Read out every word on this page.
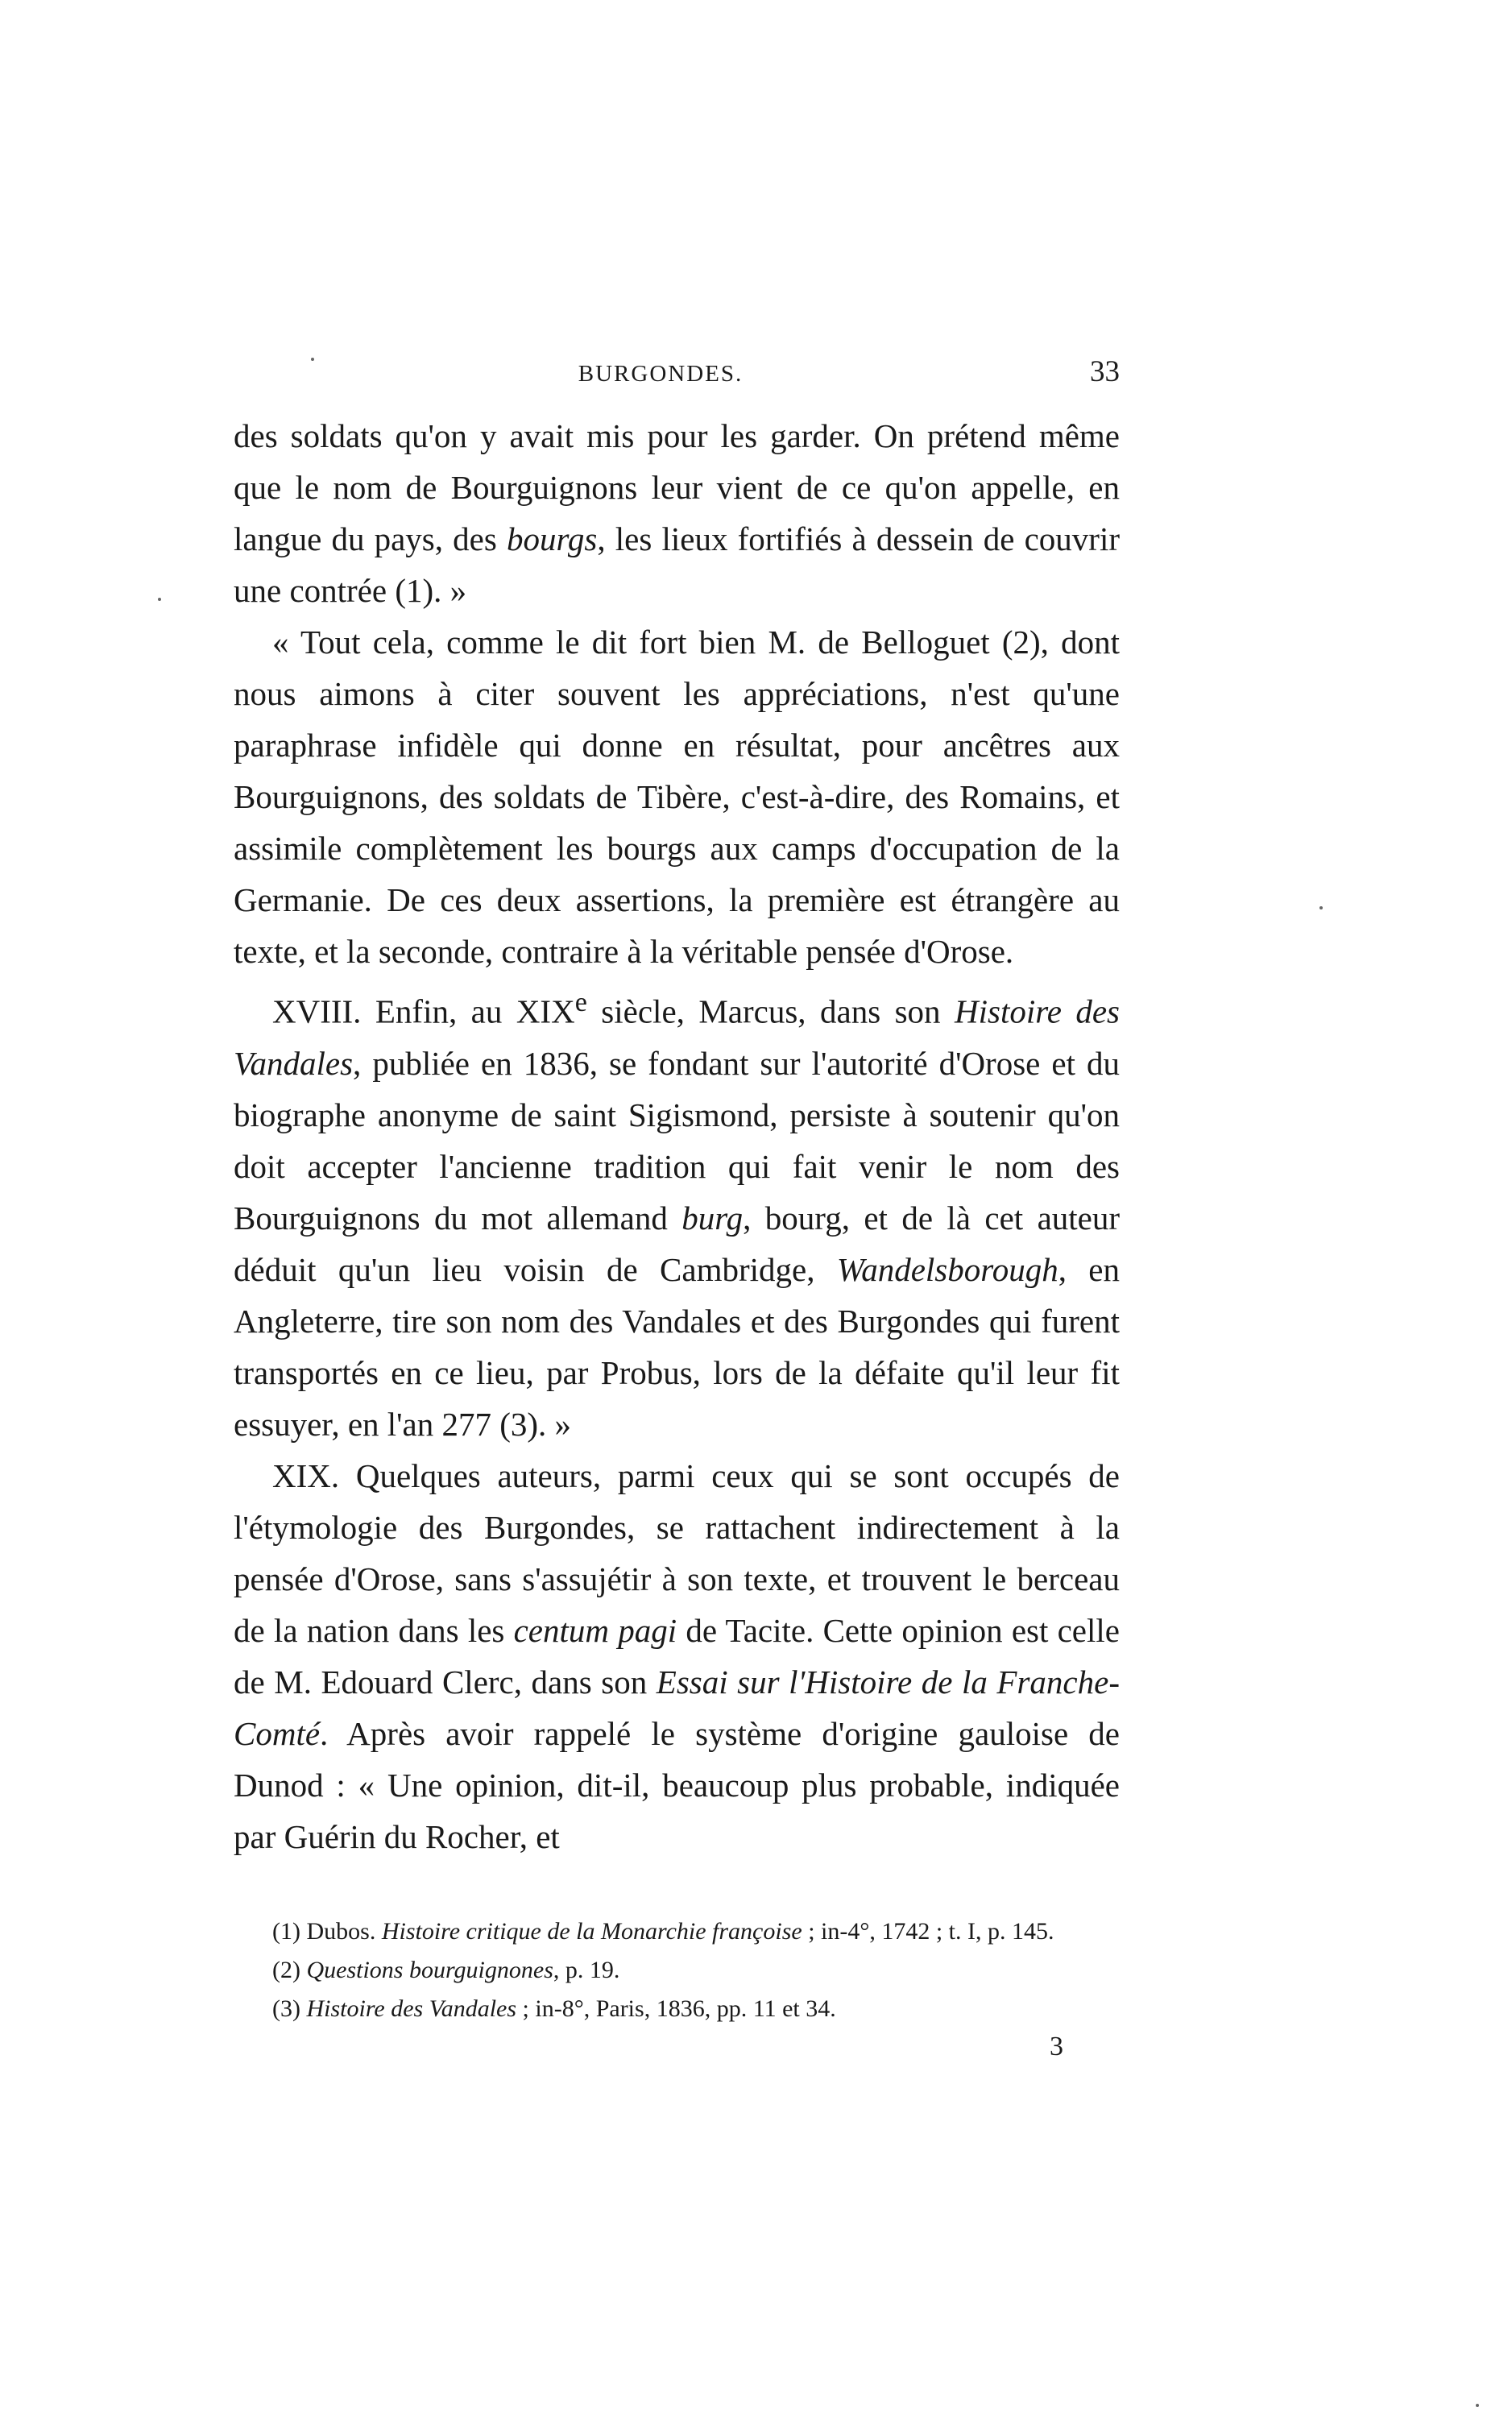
BURGONDES.	33

des soldats qu'on y avait mis pour les garder. On prétend même que le nom de Bourguignons leur vient de ce qu'on appelle, en langue du pays, des bourgs, les lieux fortifiés à dessein de couvrir une contrée (1). »

« Tout cela, comme le dit fort bien M. de Belloguet (2), dont nous aimons à citer souvent les appréciations, n'est qu'une paraphrase infidèle qui donne en résultat, pour ancêtres aux Bourguignons, des soldats de Tibère, c'est-à-dire, des Romains, et assimile complètement les bourgs aux camps d'occupation de la Germanie. De ces deux assertions, la première est étrangère au texte, et la seconde, contraire à la véritable pensée d'Orose.

XVIII. Enfin, au XIXe siècle, Marcus, dans son Histoire des Vandales, publiée en 1836, se fondant sur l'autorité d'Orose et du biographe anonyme de saint Sigismond, persiste à soutenir qu'on doit accepter l'ancienne tradition qui fait venir le nom des Bourguignons du mot allemand burg, bourg, et de là cet auteur déduit qu'un lieu voisin de Cambridge, Wandelsborough, en Angleterre, tire son nom des Vandales et des Burgondes qui furent transportés en ce lieu, par Probus, lors de la défaite qu'il leur fit essuyer, en l'an 277 (3). »

XIX. Quelques auteurs, parmi ceux qui se sont occupés de l'étymologie des Burgondes, se rattachent indirectement à la pensée d'Orose, sans s'assujétir à son texte, et trouvent le berceau de la nation dans les centum pagi de Tacite. Cette opinion est celle de M. Edouard Clerc, dans son Essai sur l'Histoire de la Franche-Comté. Après avoir rappelé le système d'origine gauloise de Dunod : « Une opinion, dit-il, beaucoup plus probable, indiquée par Guérin du Rocher, et

(1) Dubos. Histoire critique de la Monarchie françoise ; in-4°, 1742 ; t. I, p. 145.

(2) Questions bourguignones, p. 19.

(3) Histoire des Vandales ; in-8°, Paris, 1836, pp. 11 et 34.

3
